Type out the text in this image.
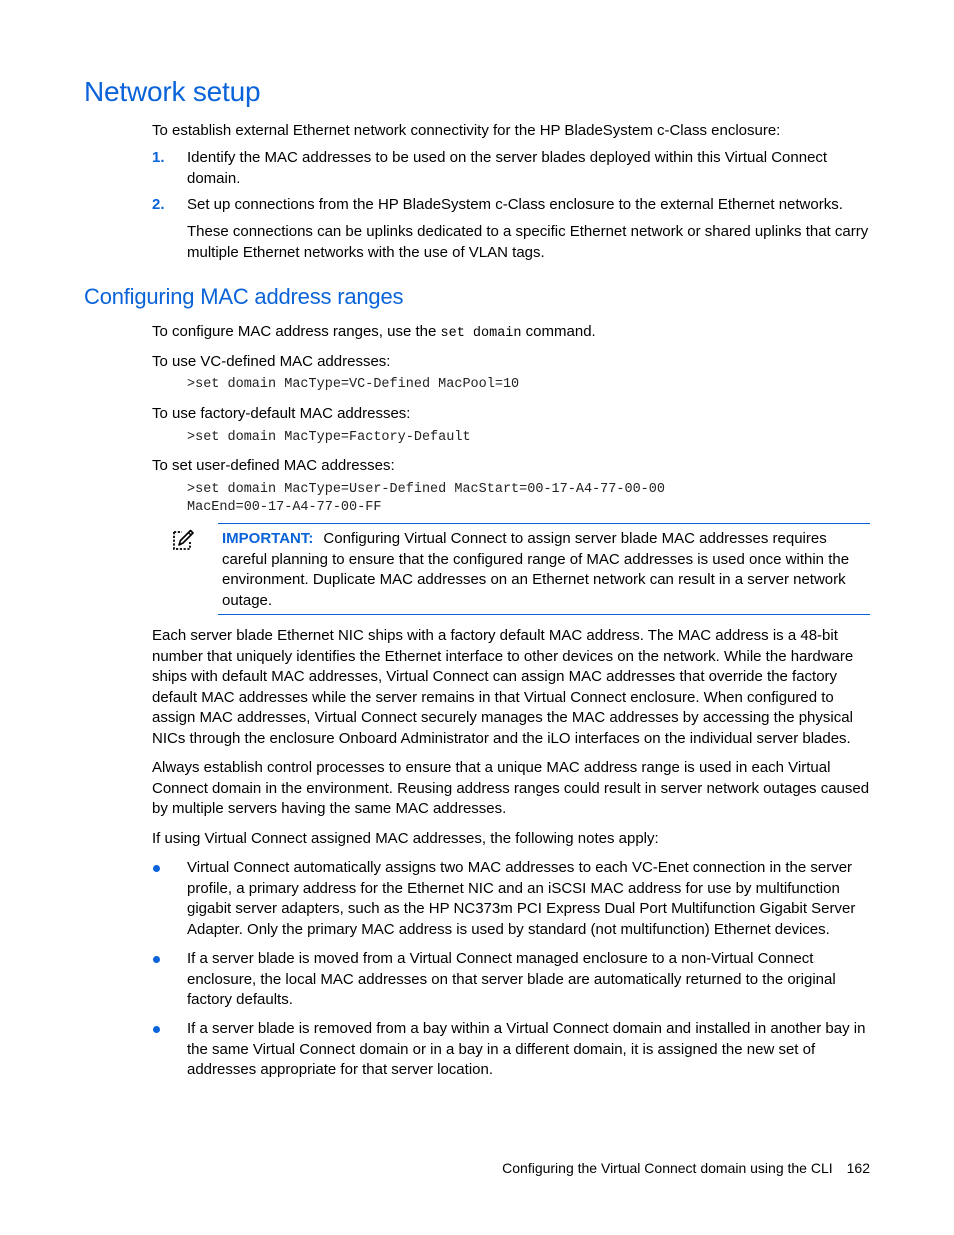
Network setup

To establish external Ethernet network connectivity for the HP BladeSystem c-Class enclosure:

1. Identify the MAC addresses to be used on the server blades deployed within this Virtual Connect domain.

2. Set up connections from the HP BladeSystem c-Class enclosure to the external Ethernet networks.

These connections can be uplinks dedicated to a specific Ethernet network or shared uplinks that carry multiple Ethernet networks with the use of VLAN tags.

Configuring MAC address ranges

To configure MAC address ranges, use the set domain command.

To use VC-defined MAC addresses:

>set domain MacType=VC-Defined MacPool=10

To use factory-default MAC addresses:

>set domain MacType=Factory-Default

To set user-defined MAC addresses:

>set domain MacType=User-Defined MacStart=00-17-A4-77-00-00
MacEnd=00-17-A4-77-00-FF

IMPORTANT: Configuring Virtual Connect to assign server blade MAC addresses requires careful planning to ensure that the configured range of MAC addresses is used once within the environment. Duplicate MAC addresses on an Ethernet network can result in a server network outage.

Each server blade Ethernet NIC ships with a factory default MAC address. The MAC address is a 48-bit number that uniquely identifies the Ethernet interface to other devices on the network. While the hardware ships with default MAC addresses, Virtual Connect can assign MAC addresses that override the factory default MAC addresses while the server remains in that Virtual Connect enclosure. When configured to assign MAC addresses, Virtual Connect securely manages the MAC addresses by accessing the physical NICs through the enclosure Onboard Administrator and the iLO interfaces on the individual server blades.

Always establish control processes to ensure that a unique MAC address range is used in each Virtual Connect domain in the environment. Reusing address ranges could result in server network outages caused by multiple servers having the same MAC addresses.

If using Virtual Connect assigned MAC addresses, the following notes apply:

Virtual Connect automatically assigns two MAC addresses to each VC-Enet connection in the server profile, a primary address for the Ethernet NIC and an iSCSI MAC address for use by multifunction gigabit server adapters, such as the HP NC373m PCI Express Dual Port Multifunction Gigabit Server Adapter. Only the primary MAC address is used by standard (not multifunction) Ethernet devices.

If a server blade is moved from a Virtual Connect managed enclosure to a non-Virtual Connect enclosure, the local MAC addresses on that server blade are automatically returned to the original factory defaults.

If a server blade is removed from a bay within a Virtual Connect domain and installed in another bay in the same Virtual Connect domain or in a bay in a different domain, it is assigned the new set of addresses appropriate for that server location.

Configuring the Virtual Connect domain using the CLI 162
